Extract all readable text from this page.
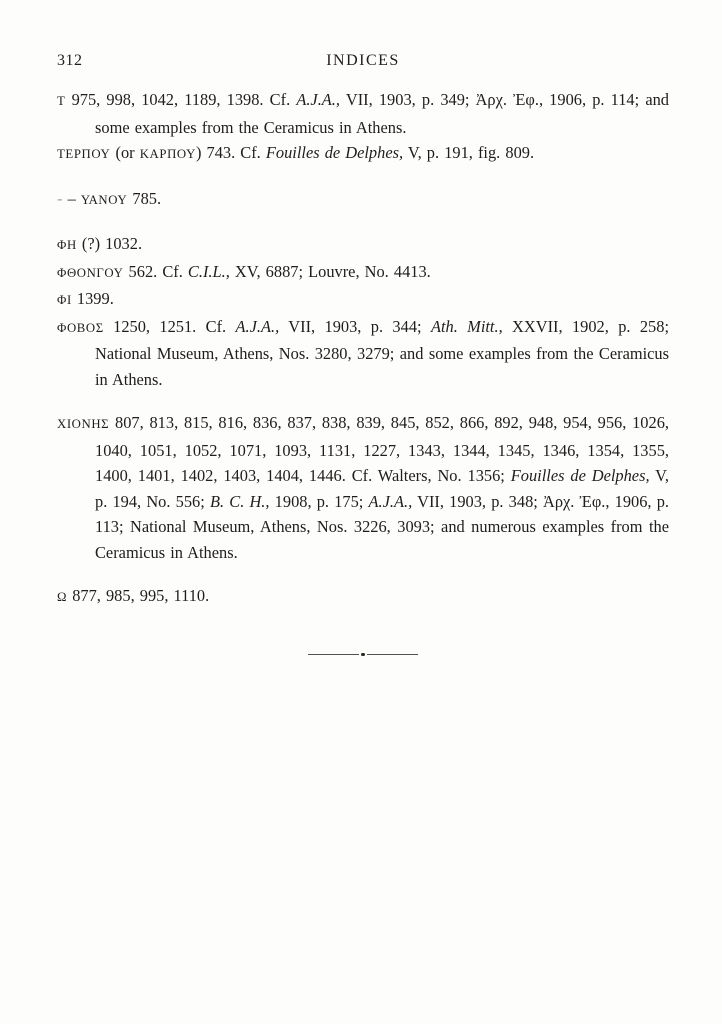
312	INDICES

Τ 975, 998, 1042, 1189, 1398. Cf. A.J.A., VII, 1903, p. 349; Ἀρχ. Ἐφ., 1906, p. 114; and some examples from the Ceramicus in Athens.

ΤΕΡΠΟΥ (or ΚΑΡΠΟΥ) 743. Cf. Fouilles de Delphes, V, p. 191, fig. 809.

- – ΥΑΝΟΥ 785.

ΦΗ (?) 1032.

ΦΘΟΝΓΟΥ 562. Cf. C.I.L., XV, 6887; Louvre, No. 4413.

ΦΙ 1399.

ΦΟΒΟΣ 1250, 1251. Cf. A.J.A., VII, 1903, p. 344; Ath. Mitt., XXVII, 1902, p. 258; National Museum, Athens, Nos. 3280, 3279; and some examples from the Ceramicus in Athens.

ΧΙΟΝΗΣ 807, 813, 815, 816, 836, 837, 838, 839, 845, 852, 866, 892, 948, 954, 956, 1026, 1040, 1051, 1052, 1071, 1093, 1131, 1227, 1343, 1344, 1345, 1346, 1354, 1355, 1400, 1401, 1402, 1403, 1404, 1446. Cf. Walters, No. 1356; Fouilles de Delphes, V, p. 194, No. 556; B. C. H., 1908, p. 175; A.J.A., VII, 1903, p. 348; Ἀρχ. Ἐφ., 1906, p. 113; National Museum, Athens, Nos. 3226, 3093; and numerous examples from the Ceramicus in Athens.

Ω 877, 985, 995, 1110.
